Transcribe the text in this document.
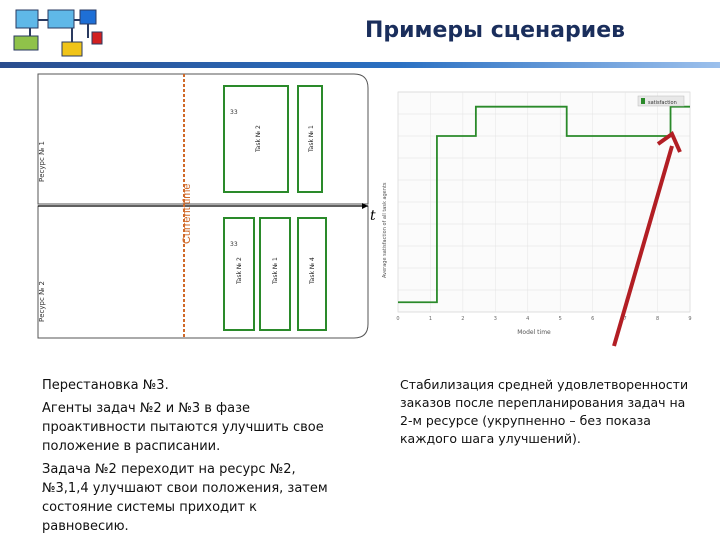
Примеры сценариев
t
Ресурс № 1
Ресурс № 2
Current time
Task № 2
33
Task № 1
Task № 2
33
Task № 1	Task № 4
0	1	2	3	4	5	6	7	8	9
satisfaction
Model time
Average satisfaction of all task agents

Перестановка №3.

Агенты задач №2 и №3 в фазе проактивности пытаются улучшить свое положение в расписании.

Задача №2 переходит на ресурс №2, №3,1,4 улучшают свои положения, затем состояние системы приходит к равновесию.

Стабилизация средней удовлетворенности заказов после перепланирования задач на 2-м ресурсе (укрупненно – без показа каждого шага улучшений).
